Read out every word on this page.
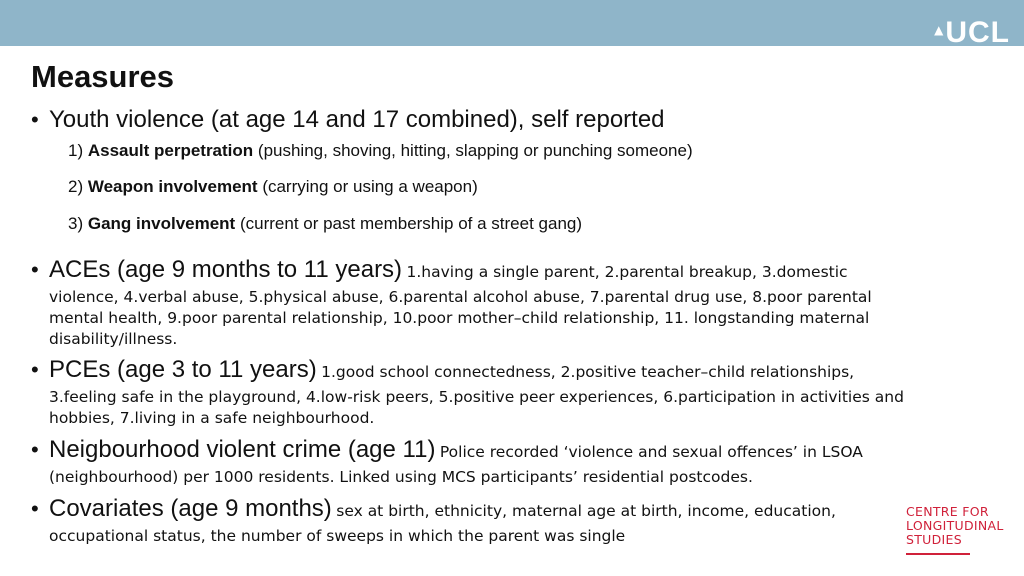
▲ UCL
Measures
• Youth violence (at age 14 and 17 combined), self reported
1) Assault perpetration (pushing, shoving, hitting, slapping or punching someone)
2) Weapon involvement (carrying or using a weapon)
3) Gang involvement (current or past membership of a street gang)
• ACEs (age 9 months to 11 years) 1.having a single parent, 2.parental breakup, 3.domestic
violence, 4.verbal abuse, 5.physical abuse, 6.parental alcohol abuse, 7.parental drug use, 8.poor parental
mental health, 9.poor parental relationship, 10.poor mother–child relationship, 11. longstanding maternal
disability/illness.
• PCEs (age 3 to 11 years) 1.good school connectedness, 2.positive teacher–child relationships,
3.feeling safe in the playground, 4.low-risk peers, 5.positive peer experiences, 6.participation in activities and
hobbies, 7.living in a safe neighbourhood.
• Neigbourhood violent crime (age 11) Police recorded ‘violence and sexual offences’ in LSOA
(neighbourhood) per 1000 residents. Linked using MCS participants’ residential postcodes.
• Covariates (age 9 months) sex at birth, ethnicity, maternal age at birth, income, education,
occupational status, the number of sweeps in which the parent was single
CENTRE FOR
LONGITUDINAL
STUDIES
